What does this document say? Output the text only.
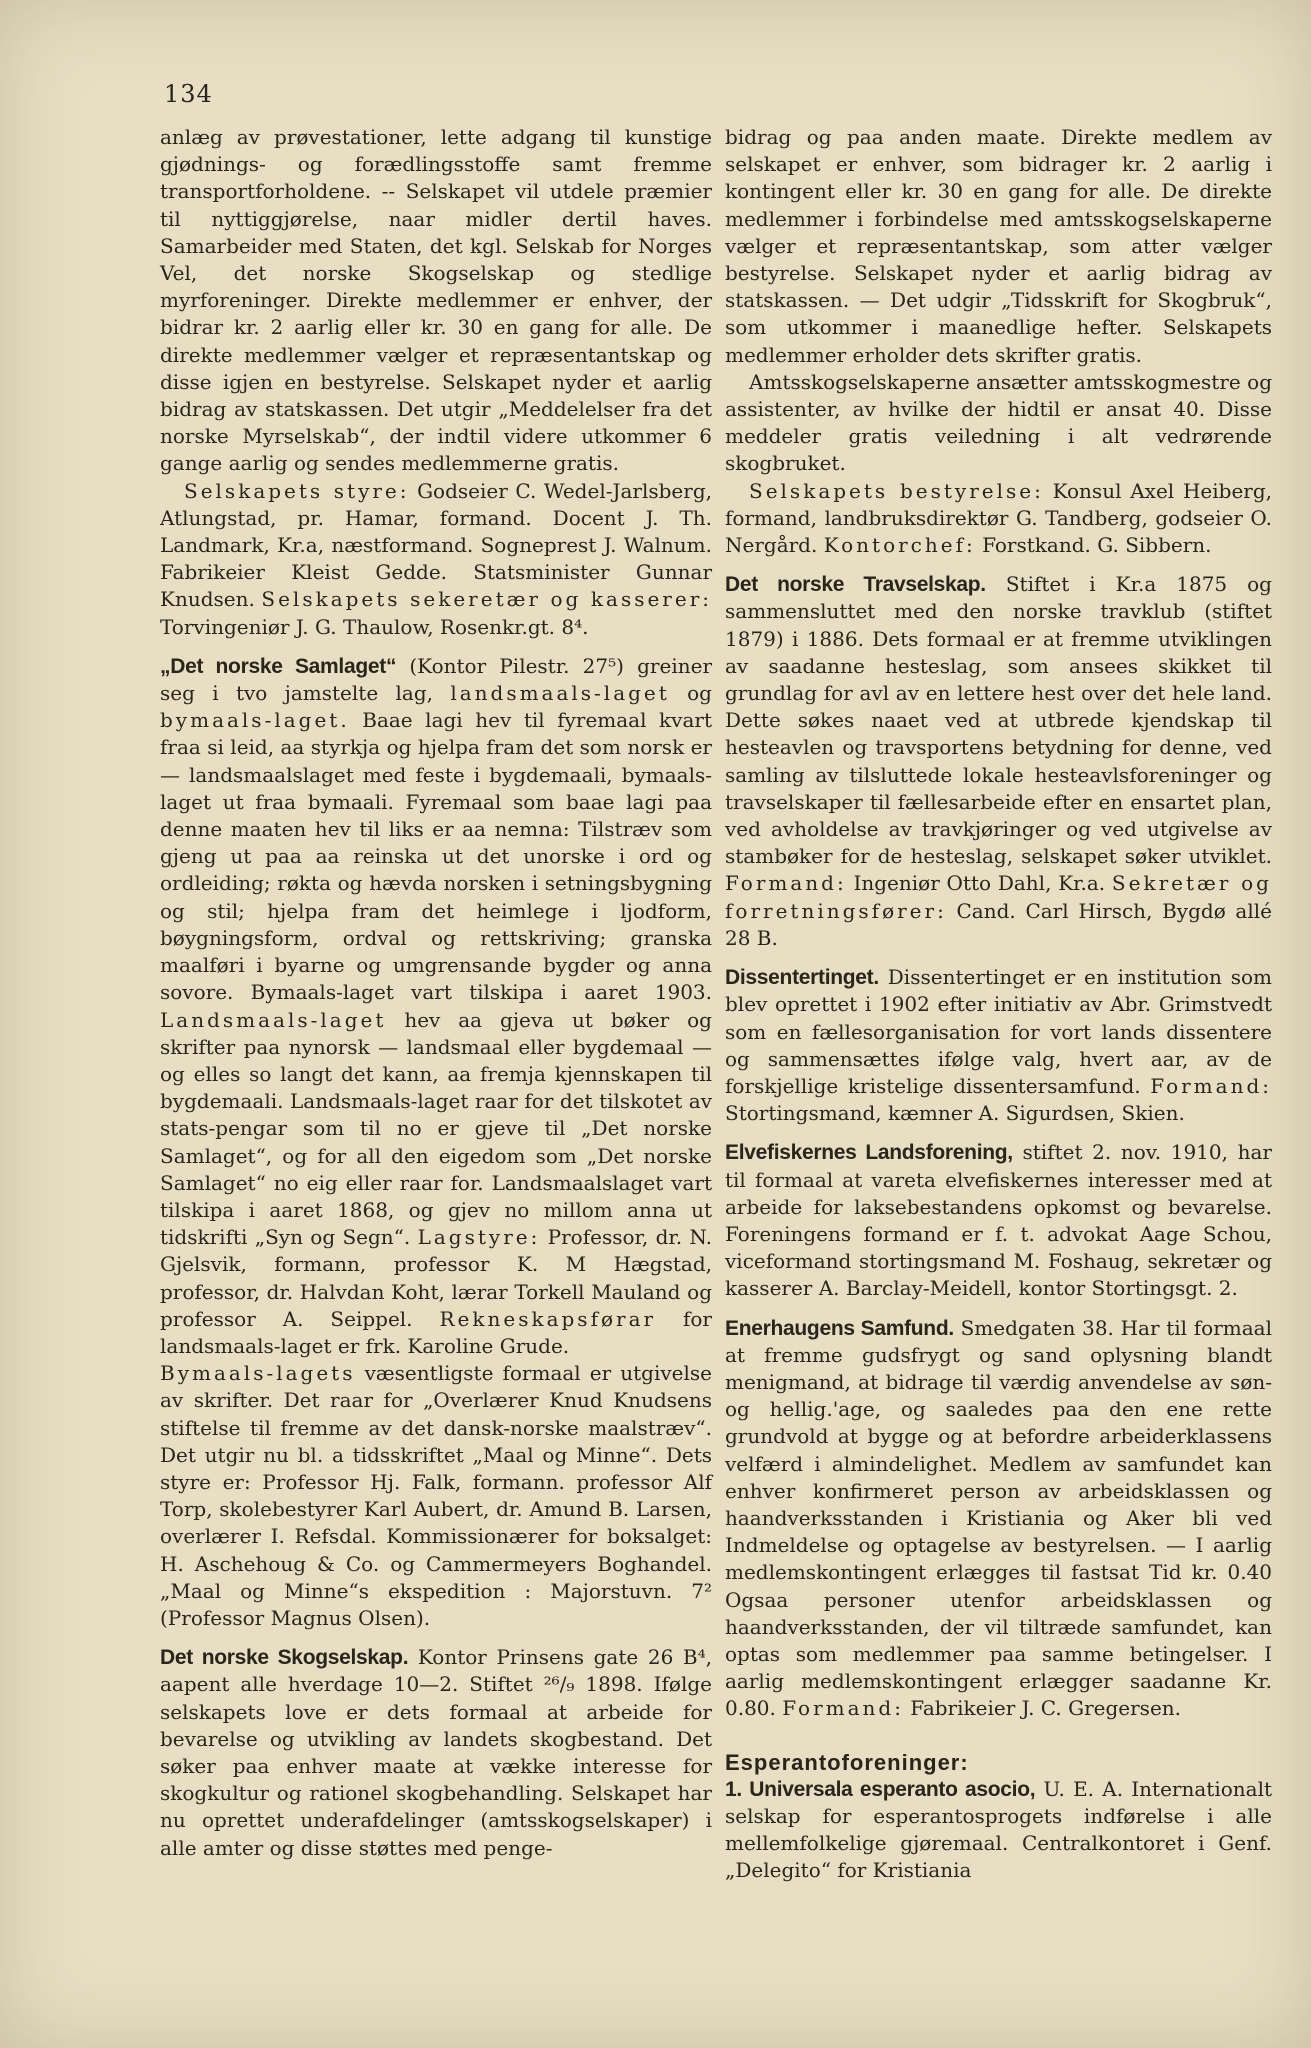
134

anlæg av prøvestationer, lette adgang til kunstige gjødnings- og forædlingsstoffe samt fremme transportforholdene. -- Selskapet vil utdele præmier til nyttiggjørelse, naar midler dertil haves. Samarbeider med Staten, det kgl. Selskab for Norges Vel, det norske Skogselskap og stedlige myrforeninger. Direkte medlemmer er enhver, der bidrar kr. 2 aarlig eller kr. 30 en gang for alle. De direkte medlemmer vælger et repræsentantskap og disse igjen en bestyrelse. Selskapet nyder et aarlig bidrag av statskassen. Det utgir „Meddelelser fra det norske Myrselskab“, der indtil videre utkommer 6 gange aarlig og sendes medlemmerne gratis.

Selskapets styre: Godseier C. Wedel-Jarlsberg, Atlungstad, pr. Hamar, formand. Docent J. Th. Landmark, Kr.a, næstformand. Sogneprest J. Walnum. Fabrikeier Kleist Gedde. Statsminister Gunnar Knudsen. Selskapets sekeretær og kasserer: Torvingeniør J. G. Thaulow, Rosenkr.gt. 8⁴.

„Det norske Samlaget“ (Kontor Pilestr. 27⁵) greiner seg i tvo jamstelte lag, landsmaals-laget og bymaals-laget. Baae lagi hev til fyremaal kvart fraa si leid, aa styrkja og hjelpa fram det som norsk er — landsmaalslaget med feste i bygdemaali, bymaals-laget ut fraa bymaali. Fyremaal som baae lagi paa denne maaten hev til liks er aa nemna: Tilstræv som gjeng ut paa aa reinska ut det unorske i ord og ordleiding; røkta og hævda norsken i setningsbygning og stil; hjelpa fram det heimlege i ljodform, bøygningsform, ordval og rettskriving; granska maalføri i byarne og umgrensande bygder og anna sovore. Bymaals-laget vart tilskipa i aaret 1903. Landsmaals-laget hev aa gjeva ut bøker og skrifter paa nynorsk — landsmaal eller bygdemaal — og elles so langt det kann, aa fremja kjennskapen til bygdemaali. Landsmaals-laget raar for det tilskotet av stats-pengar som til no er gjeve til „Det norske Samlaget“, og for all den eigedom som „Det norske Samlaget“ no eig eller raar for. Landsmaalslaget vart tilskipa i aaret 1868, og gjev no millom anna ut tidskrifti „Syn og Segn“. Lagstyre: Professor, dr. N. Gjelsvik, formann, professor K. M Hægstad, professor, dr. Halvdan Koht, lærar Torkell Mauland og professor A. Seippel. Rekneskapsførar for landsmaals-laget er frk. Karoline Grude.

Bymaals-lagets væsentligste formaal er utgivelse av skrifter. Det raar for „Overlærer Knud Knudsens stiftelse til fremme av det dansk-norske maalstræv“. Det utgir nu bl. a tidsskriftet „Maal og Minne“. Dets styre er: Professor Hj. Falk, formann. professor Alf Torp, skolebestyrer Karl Aubert, dr. Amund B. Larsen, overlærer I. Refsdal. Kommissionærer for boksalget: H. Aschehoug & Co. og Cammermeyers Boghandel. „Maal og Minne“s ekspedition : Majorstuvn. 7² (Professor Magnus Olsen).

Det norske Skogselskap. Kontor Prinsens gate 26 B⁴, aapent alle hverdage 10—2. Stiftet ²⁶/₉ 1898. Ifølge selskapets love er dets formaal at arbeide for bevarelse og utvikling av landets skogbestand. Det søker paa enhver maate at vække interesse for skogkultur og rationel skogbehandling. Selskapet har nu oprettet underafdelinger (amtsskogselskaper) i alle amter og disse støttes med penge-

bidrag og paa anden maate. Direkte medlem av selskapet er enhver, som bidrager kr. 2 aarlig i kontingent eller kr. 30 en gang for alle. De direkte medlemmer i forbindelse med amtsskogselskaperne vælger et repræsentantskap, som atter vælger bestyrelse. Selskapet nyder et aarlig bidrag av statskassen. — Det udgir „Tidsskrift for Skogbruk“, som utkommer i maanedlige hefter. Selskapets medlemmer erholder dets skrifter gratis.

Amtsskogselskaperne ansætter amtsskogmestre og assistenter, av hvilke der hidtil er ansat 40. Disse meddeler gratis veiledning i alt vedrørende skogbruket.

Selskapets bestyrelse: Konsul Axel Heiberg, formand, landbruksdirektør G. Tandberg, godseier O. Nergård. Kontorchef: Forstkand. G. Sibbern.

Det norske Travselskap. Stiftet i Kr.a 1875 og sammensluttet med den norske travklub (stiftet 1879) i 1886. Dets formaal er at fremme utviklingen av saadanne hesteslag, som ansees skikket til grundlag for avl av en lettere hest over det hele land. Dette søkes naaet ved at utbrede kjendskap til hesteavlen og travsportens betydning for denne, ved samling av tilsluttede lokale hesteavlsforeninger og travselskaper til fællesarbeide efter en ensartet plan, ved avholdelse av travkjøringer og ved utgivelse av stambøker for de hesteslag, selskapet søker utviklet. Formand: Ingeniør Otto Dahl, Kr.a. Sekretær og forretningsfører: Cand. Carl Hirsch, Bygdø allé 28 B.

Dissentertinget. Dissentertinget er en institution som blev oprettet i 1902 efter initiativ av Abr. Grimstvedt som en fællesorganisation for vort lands dissentere og sammensættes ifølge valg, hvert aar, av de forskjellige kristelige dissentersamfund. Formand: Stortingsmand, kæmner A. Sigurdsen, Skien.

Elvefiskernes Landsforening, stiftet 2. nov. 1910, har til formaal at vareta elvefiskernes interesser med at arbeide for laksebestandens opkomst og bevarelse. Foreningens formand er f. t. advokat Aage Schou, viceformand stortingsmand M. Foshaug, sekretær og kasserer A. Barclay-Meidell, kontor Stortingsgt. 2.

Enerhaugens Samfund. Smedgaten 38. Har til formaal at fremme gudsfrygt og sand oplysning blandt menigmand, at bidrage til værdig anvendelse av søn- og hellig.'age, og saaledes paa den ene rette grundvold at bygge og at befordre arbeiderklassens velfærd i almindelighet. Medlem av samfundet kan enhver konfirmeret person av arbeidsklassen og haandverksstanden i Kristiania og Aker bli ved Indmeldelse og optagelse av bestyrelsen. — I aarlig medlemskontingent erlægges til fastsat Tid kr. 0.40 Ogsaa personer utenfor arbeidsklassen og haandverksstanden, der vil tiltræde samfundet, kan optas som medlemmer paa samme betingelser. I aarlig medlemskontingent erlægger saadanne Kr. 0.80. Formand: Fabrikeier J. C. Gregersen.

Esperantoforeninger:

1. Universala esperanto asocio, U. E. A. Internationalt selskap for esperantosprogets indførelse i alle mellemfolkelige gjøremaal. Centralkontoret i Genf. „Delegito“ for Kristiania
